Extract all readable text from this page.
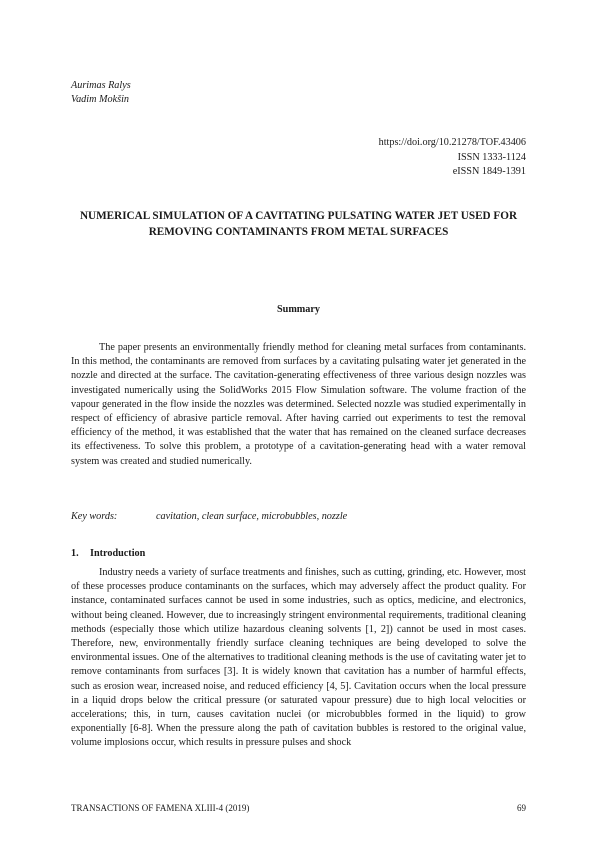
Aurimas Ralys
Vadim Mokšin
https://doi.org/10.21278/TOF.43406
ISSN 1333-1124
eISSN 1849-1391
NUMERICAL SIMULATION OF A CAVITATING PULSATING WATER JET USED FOR REMOVING CONTAMINANTS FROM METAL SURFACES
Summary

The paper presents an environmentally friendly method for cleaning metal surfaces from contaminants. In this method, the contaminants are removed from surfaces by a cavitating pulsating water jet generated in the nozzle and directed at the surface. The cavitation-generating effectiveness of three various design nozzles was investigated numerically using the SolidWorks 2015 Flow Simulation software. The volume fraction of the vapour generated in the flow inside the nozzles was determined. Selected nozzle was studied experimentally in respect of efficiency of abrasive particle removal. After having carried out experiments to test the removal efficiency of the method, it was established that the water that has remained on the cleaned surface decreases its effectiveness. To solve this problem, a prototype of a cavitation-generating head with a water removal system was created and studied numerically.

Key words:	cavitation, clean surface, microbubbles, nozzle
1. Introduction

Industry needs a variety of surface treatments and finishes, such as cutting, grinding, etc. However, most of these processes produce contaminants on the surfaces, which may adversely affect the product quality. For instance, contaminated surfaces cannot be used in some industries, such as optics, medicine, and electronics, without being cleaned. However, due to increasingly stringent environmental requirements, traditional cleaning methods (especially those which utilize hazardous cleaning solvents [1, 2]) cannot be used in most cases. Therefore, new, environmentally friendly surface cleaning techniques are being developed to solve the environmental issues. One of the alternatives to traditional cleaning methods is the use of cavitating water jet to remove contaminants from surfaces [3]. It is widely known that cavitation has a number of harmful effects, such as erosion wear, increased noise, and reduced efficiency [4, 5]. Cavitation occurs when the local pressure in a liquid drops below the critical pressure (or saturated vapour pressure) due to high local velocities or accelerations; this, in turn, causes cavitation nuclei (or microbubbles formed in the liquid) to grow exponentially [6-8]. When the pressure along the path of cavitation bubbles is restored to the original value, volume implosions occur, which results in pressure pulses and shock

TRANSACTIONS OF FAMENA XLIII-4 (2019)	69
